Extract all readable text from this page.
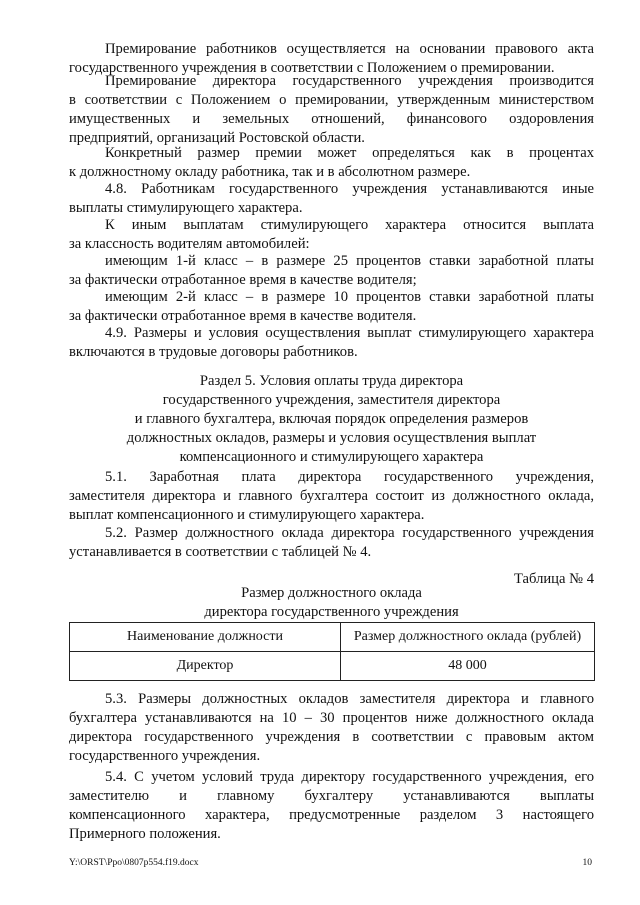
Премирование работников осуществляется на основании правового акта
государственного учреждения в соответствии с Положением о премировании.
Премирование директора государственного учреждения производится
в соответствии с Положением о премировании, утвержденным министерством
имущественных и земельных отношений, финансового оздоровления
предприятий, организаций Ростовской области.
Конкретный размер премии может определяться как в процентах
к должностному окладу работника, так и в абсолютном размере.
4.8. Работникам государственного учреждения устанавливаются иные
выплаты стимулирующего характера.
К иным выплатам стимулирующего характера относится выплата
за классность водителям автомобилей:
имеющим 1-й класс – в размере 25 процентов ставки заработной платы
за фактически отработанное время в качестве водителя;
имеющим 2-й класс – в размере 10 процентов ставки заработной платы
за фактически отработанное время в качестве водителя.
4.9. Размеры и условия осуществления выплат стимулирующего характера
включаются в трудовые договоры работников.
Раздел 5. Условия оплаты труда директора
государственного учреждения, заместителя директора
и главного бухгалтера, включая порядок определения размеров
должностных окладов, размеры и условия осуществления выплат
компенсационного и стимулирующего характера
5.1. Заработная плата директора государственного учреждения,
заместителя директора и главного бухгалтера состоит из должностного оклада,
выплат компенсационного и стимулирующего характера.
5.2. Размер должностного оклада директора государственного учреждения
устанавливается в соответствии с таблицей № 4.
Таблица № 4
Размер должностного оклада
директора государственного учреждения
Наименование должности	Размер должностного оклада (рублей)
Директор	48 000
5.3. Размеры должностных окладов заместителя директора и главного
бухгалтера устанавливаются на 10 – 30 процентов ниже должностного оклада
директора государственного учреждения в соответствии с правовым актом
государственного учреждения.
5.4. С учетом условий труда директору государственного учреждения, его
заместителю и главному бухгалтеру устанавливаются выплаты
компенсационного характера, предусмотренные разделом 3 настоящего
Примерного положения.
Y:\ORST\Ppo\0807p554.f19.docx	10
